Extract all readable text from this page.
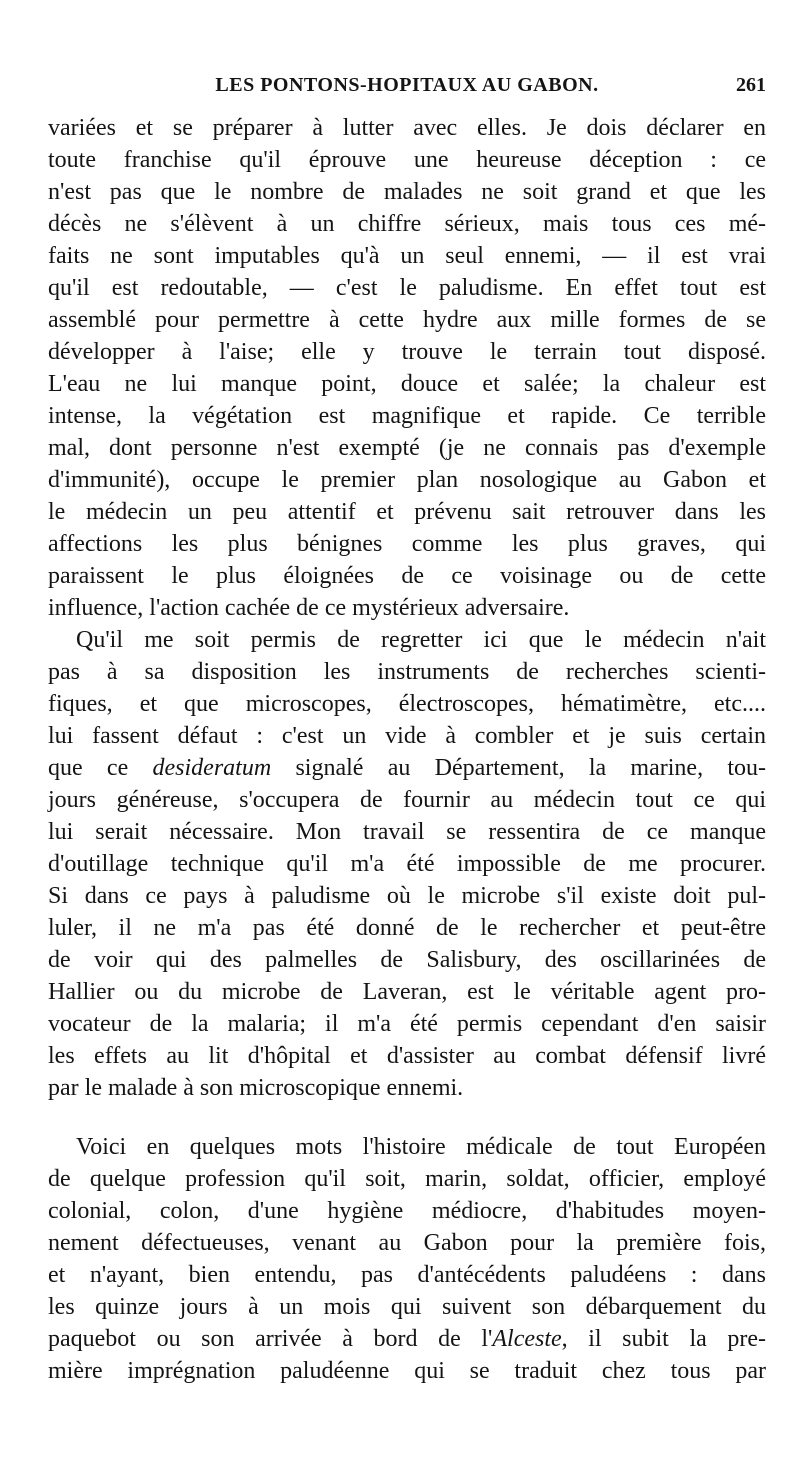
LES PONTONS-HOPITAUX AU GABON.	261
variées et se préparer à lutter avec elles. Je dois déclarer en
toute franchise qu'il éprouve une heureuse déception : ce
n'est pas que le nombre de malades ne soit grand et que les
décès ne s'élèvent à un chiffre sérieux, mais tous ces mé-
faits ne sont imputables qu'à un seul ennemi, — il est vrai
qu'il est redoutable, — c'est le paludisme. En effet tout est
assemblé pour permettre à cette hydre aux mille formes de se
développer à l'aise; elle y trouve le terrain tout disposé.
L'eau ne lui manque point, douce et salée; la chaleur est
intense, la végétation est magnifique et rapide. Ce terrible
mal, dont personne n'est exempté (je ne connais pas d'exemple
d'immunité), occupe le premier plan nosologique au Gabon et
le médecin un peu attentif et prévenu sait retrouver dans les
affections les plus bénignes comme les plus graves, qui
paraissent le plus éloignées de ce voisinage ou de cette
influence, l'action cachée de ce mystérieux adversaire.
Qu'il me soit permis de regretter ici que le médecin n'ait
pas à sa disposition les instruments de recherches scienti-
fiques, et que microscopes, électroscopes, hématimètre, etc....
lui fassent défaut : c'est un vide à combler et je suis certain
que ce desideratum signalé au Département, la marine, tou-
jours généreuse, s'occupera de fournir au médecin tout ce qui
lui serait nécessaire. Mon travail se ressentira de ce manque
d'outillage technique qu'il m'a été impossible de me procurer.
Si dans ce pays à paludisme où le microbe s'il existe doit pul-
luler, il ne m'a pas été donné de le rechercher et peut-être
de voir qui des palmelles de Salisbury, des oscillarinées de
Hallier ou du microbe de Laveran, est le véritable agent pro-
vocateur de la malaria; il m'a été permis cependant d'en saisir
les effets au lit d'hôpital et d'assister au combat défensif livré
par le malade à son microscopique ennemi.
Voici en quelques mots l'histoire médicale de tout Européen
de quelque profession qu'il soit, marin, soldat, officier, employé
colonial, colon, d'une hygiène médiocre, d'habitudes moyen-
nement défectueuses, venant au Gabon pour la première fois,
et n'ayant, bien entendu, pas d'antécédents paludéens : dans
les quinze jours à un mois qui suivent son débarquement du
paquebot ou son arrivée à bord de l'Alceste, il subit la pre-
mière imprégnation paludéenne qui se traduit chez tous par
